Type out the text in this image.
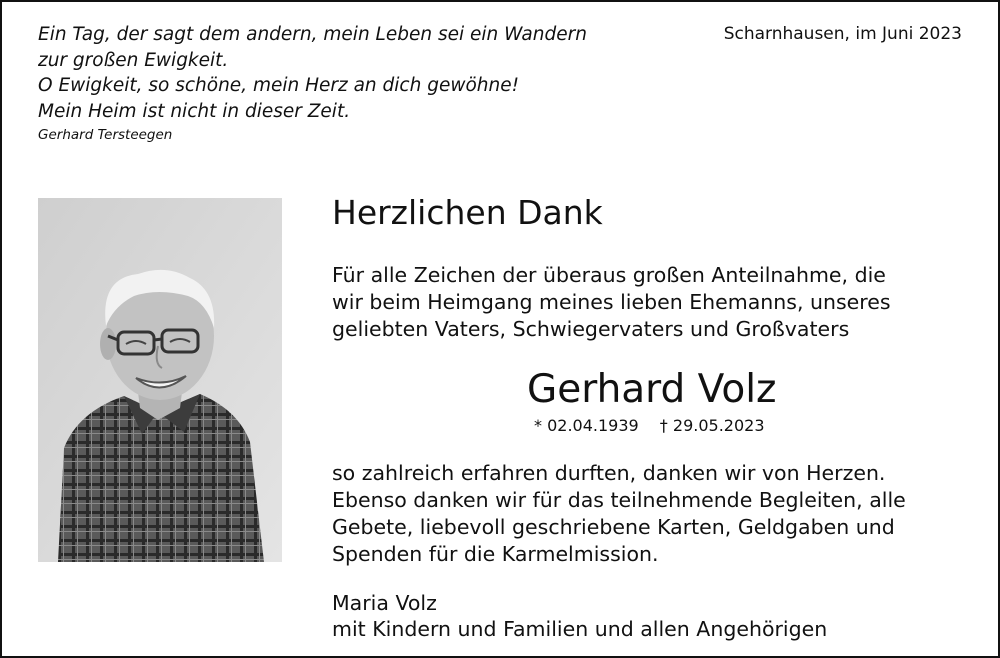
Ein Tag, der sagt dem andern, mein Leben sei ein Wandern
zur großen Ewigkeit.
O Ewigkeit, so schöne, mein Herz an dich gewöhne!
Mein Heim ist nicht in dieser Zeit.
Gerhard Tersteegen
Scharnhausen, im Juni 2023
Herzlichen Dank
Für alle Zeichen der überaus großen Anteilnahme, die
wir beim Heimgang meines lieben Ehemanns, unseres
geliebten Vaters, Schwiegervaters und Großvaters
Gerhard Volz
* 02.04.1939 † 29.05.2023
so zahlreich erfahren durften, danken wir von Herzen.
Ebenso danken wir für das teilnehmende Begleiten, alle
Gebete, liebevoll geschriebene Karten, Geldgaben und
Spenden für die Karmelmission.
Maria Volz
mit Kindern und Familien und allen Angehörigen
